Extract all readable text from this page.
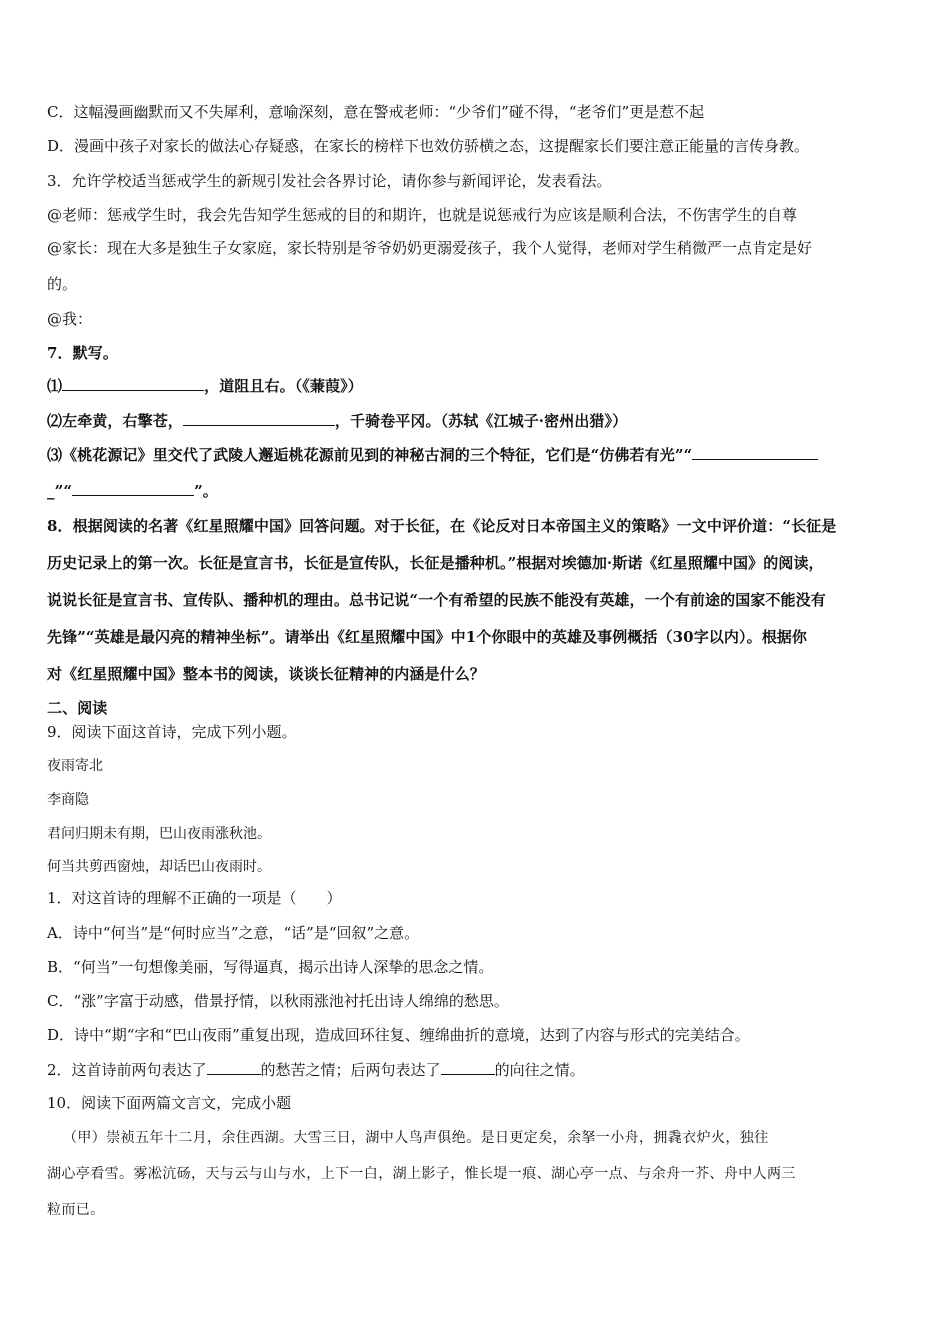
C．这幅漫画幽默而又不失犀利，意喻深刻，意在警戒老师：“少爷们”碰不得，“老爷们”更是惹不起
D．漫画中孩子对家长的做法心存疑惑，在家长的榜样下也效仿骄横之态，这提醒家长们要注意正能量的言传身教。
3．允许学校适当惩戒学生的新规引发社会各界讨论，请你参与新闻评论，发表看法。
@老师：惩戒学生时，我会先告知学生惩戒的目的和期许，也就是说惩戒行为应该是顺利合法，不伤害学生的自尊
@家长：现在大多是独生子女家庭，家长特别是爷爷奶奶更溺爱孩子，我个人觉得，老师对学生稍微严一点肯定是好
的。
@我：
7．默写。
⑴	，道阻且右。（《蒹葭》）
⑵左牵黄，右擎苍，	，千骑卷平冈。（苏轼《江城子·密州出猎》）
⑶《桃花源记》里交代了武陵人邂逅桃花源前见到的神秘古洞的三个特征，它们是“仿佛若有光”“
_”“	”。
8．根据阅读的名著《红星照耀中国》回答问题。对于长征，在《论反对日本帝国主义的策略》一文中评价道：“长征是
历史记录上的第一次。长征是宣言书，长征是宣传队，长征是播种机。”根据对埃德加·斯诺《红星照耀中国》的阅读，
说说长征是宣言书、宣传队、播种机的理由。总书记说“一个有希望的民族不能没有英雄，一个有前途的国家不能没有
先锋”“英雄是最闪亮的精神坐标”。请举出《红星照耀中国》中1个你眼中的英雄及事例概括（30字以内）。根据你
对《红星照耀中国》整本书的阅读，谈谈长征精神的内涵是什么？
二、阅读
9．阅读下面这首诗，完成下列小题。
夜雨寄北
李商隐
君问归期未有期，巴山夜雨涨秋池。
何当共剪西窗烛，却话巴山夜雨时。
1．对这首诗的理解不正确的一项是（　　）
A．诗中“何当”是“何时应当”之意，“话”是“回叙”之意。
B．“何当”一句想像美丽，写得逼真，揭示出诗人深挚的思念之情。
C．“涨”字富于动感，借景抒情，以秋雨涨池衬托出诗人绵绵的愁思。
D．诗中“期“字和“巴山夜雨”重复出现，造成回环往复、缠绵曲折的意境，达到了内容与形式的完美结合。
2．这首诗前两句表达了	的愁苦之情；后两句表达了	的向往之情。
10．阅读下面两篇文言文，完成小题
（甲）崇祯五年十二月，余住西湖。大雪三日，湖中人鸟声俱绝。是日更定矣，余拏一小舟，拥毳衣炉火，独往
湖心亭看雪。雾凇沆砀，天与云与山与水，上下一白，湖上影子，惟长堤一痕、湖心亭一点、与余舟一芥、舟中人两三
粒而已。
